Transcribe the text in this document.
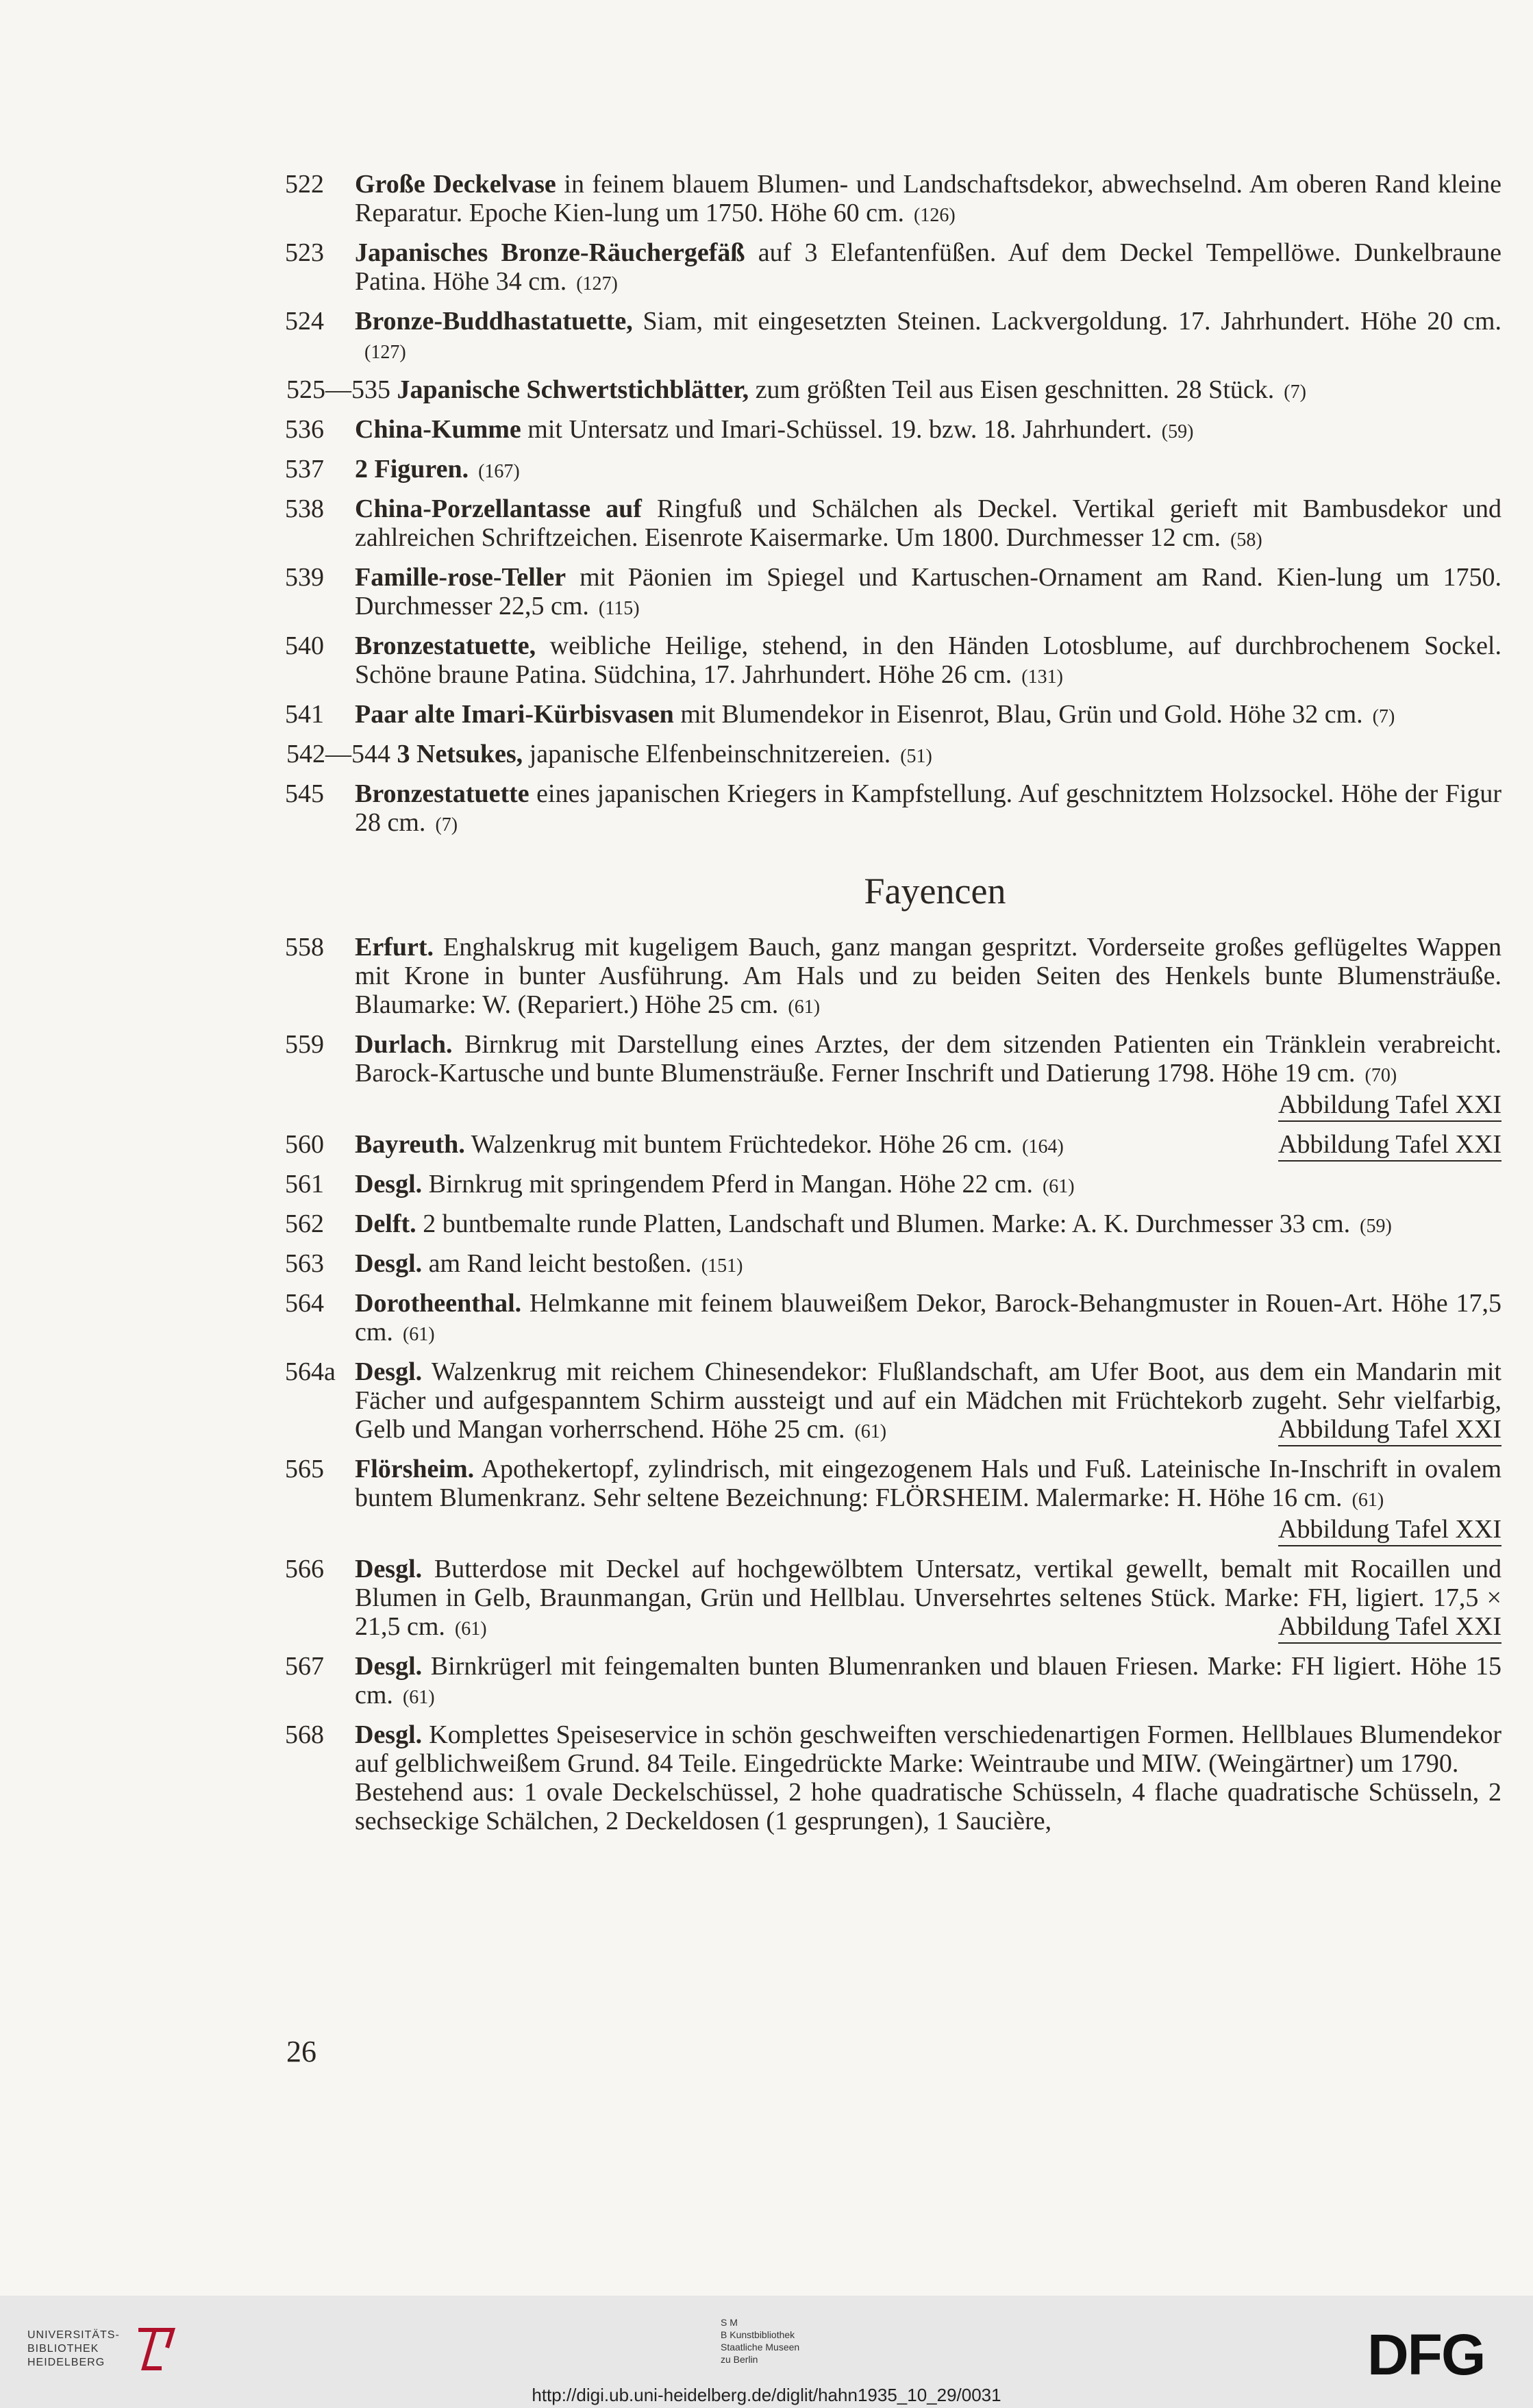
522 Große Deckelvase in feinem blauem Blumen- und Landschaftsdekor, abwechselnd. Am oberen Rand kleine Reparatur. Epoche Kien-lung um 1750. Höhe 60 cm. (126)
523 Japanisches Bronze-Räuchergefäß auf 3 Elefantenfüßen. Auf dem Deckel Tempellöwe. Dunkelbraune Patina. Höhe 34 cm. (127)
524 Bronze-Buddhastatuette, Siam, mit eingesetzten Steinen. Lackvergoldung. 17. Jahrhundert. Höhe 20 cm.(127)
525—535 Japanische Schwertstichblätter, zum größten Teil aus Eisen geschnitten. 28 Stück. (7)
536 China-Kumme mit Untersatz und Imari-Schüssel. 19. bzw. 18. Jahrhundert. (59)
537 2 Figuren. (167)
538 China-Porzellantasse auf Ringfuß und Schälchen als Deckel. Vertikal gerieft mit Bambusdekor und zahlreichen Schriftzeichen. Eisenrote Kaisermarke. Um 1800. Durchmesser 12 cm. (58)
539 Famille-rose-Teller mit Päonien im Spiegel und Kartuschen-Ornament am Rand. Kien-lung um 1750. Durchmesser 22,5 cm. (115)
540 Bronzestatuette, weibliche Heilige, stehend, in den Händen Lotosblume, auf durchbrochenem Sockel. Schöne braune Patina. Südchina, 17. Jahrhundert. Höhe 26 cm. (131)
541 Paar alte Imari-Kürbisvasen mit Blumendekor in Eisenrot, Blau, Grün und Gold. Höhe 32 cm. (7)
542—544 3 Netsukes, japanische Elfenbeinschnitzereien. (51)
545 Bronzestatuette eines japanischen Kriegers in Kampfstellung. Auf geschnitztem Holzsockel. Höhe der Figur 28 cm. (7)
Fayencen
558 Erfurt. Enghalskrug mit kugeligem Bauch, ganz mangan gespritzt. Vorderseite großes geflügeltes Wappen mit Krone in bunter Ausführung. Am Hals und zu beiden Seiten des Henkels bunte Blumensträuße. Blaumarke: W. (Repariert.) Höhe 25 cm. (61)
559 Durlach. Birnkrug mit Darstellung eines Arztes, der dem sitzenden Patienten ein Tränklein verabreicht. Barock-Kartusche und bunte Blumensträuße. Ferner Inschrift und Datierung 1798. Höhe 19 cm. (70)
Abbildung Tafel XXI
560 Bayreuth. Walzenkrug mit buntem Früchtedekor. Höhe 26 cm. (164)	Abbildung Tafel XXI
561 Desgl. Birnkrug mit springendem Pferd in Mangan. Höhe 22 cm. (61)
562 Delft. 2 buntbemalte runde Platten, Landschaft und Blumen. Marke: A. K. Durchmesser 33 cm. (59)
563 Desgl. am Rand leicht bestoßen. (151)
564 Dorotheenthal. Helmkanne mit feinem blauweißem Dekor, Barock-Behangmuster in Rouen-Art. Höhe 17,5 cm. (61)
564a Desgl. Walzenkrug mit reichem Chinesendekor: Flußlandschaft, am Ufer Boot, aus dem ein Mandarin mit Fächer und aufgespanntem Schirm aussteigt und auf ein Mädchen mit Früchtekorb zugeht. Sehr vielfarbig, Gelb und Mangan vorherrschend. Höhe 25 cm. (61)	Abbildung Tafel XXI
565 Flörsheim. Apothekertopf, zylindrisch, mit eingezogenem Hals und Fuß. Lateinische In-Inschrift in ovalem buntem Blumenkranz. Sehr seltene Bezeichnung: FLÖRSHEIM. Malermarke: H. Höhe 16 cm. (61)
Abbildung Tafel XXI
566 Desgl. Butterdose mit Deckel auf hochgewölbtem Untersatz, vertikal gewellt, bemalt mit Rocaillen und Blumen in Gelb, Braunmangan, Grün und Hellblau. Unversehrtes seltenes Stück. Marke: FH, ligiert. 17,5 × 21,5 cm. (61)	Abbildung Tafel XXI
567 Desgl. Birnkrügerl mit feingemalten bunten Blumenranken und blauen Friesen. Marke: FH ligiert. Höhe 15 cm. (61)
568 Desgl. Komplettes Speiseservice in schön geschweiften verschiedenartigen Formen. Hellblaues Blumendekor auf gelblichweißem Grund. 84 Teile. Eingedrückte Marke: Weintraube und MIW. (Weingärtner) um 1790.
Bestehend aus: 1 ovale Deckelschüssel, 2 hohe quadratische Schüsseln, 4 flache quadratische Schüsseln, 2 sechseckige Schälchen, 2 Deckeldosen (1 gesprungen), 1 Saucière,
26
UNIVERSITÄTS-
BIBLIOTHEK
HEIDELBERG
S M
B Kunstbibliothek
Staatliche Museen
zu Berlin	DFG
http://digi.ub.uni-heidelberg.de/diglit/hahn1935_10_29/0031
